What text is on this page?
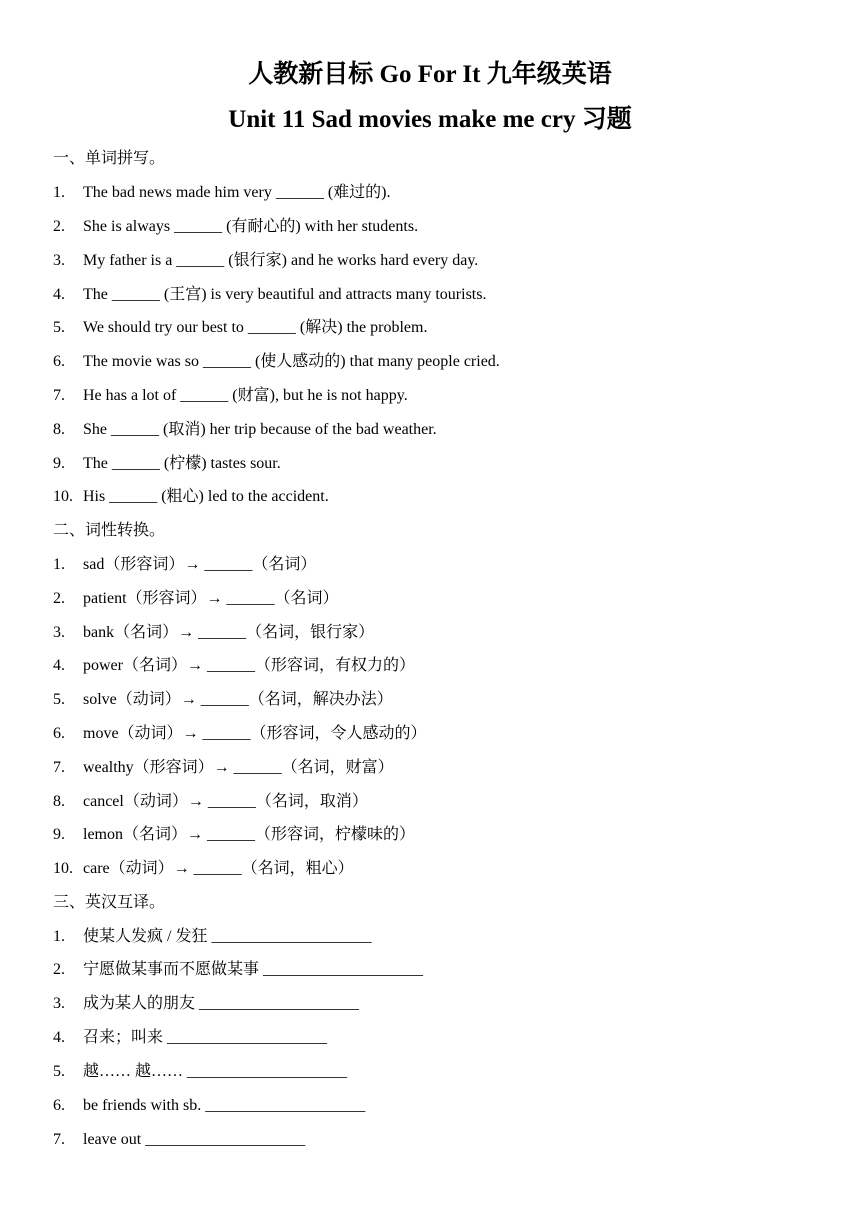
人教新目标 Go For It 九年级英语
Unit 11 Sad movies make me cry 习题
一、单词拼写。
1. The bad news made him very ______ (难过的).
2. She is always ______ (有耐心的) with her students.
3. My father is a ______ (银行家) and he works hard every day.
4. The ______ (王宫) is very beautiful and attracts many tourists.
5. We should try our best to ______ (解决) the problem.
6. The movie was so ______ (使人感动的) that many people cried.
7. He has a lot of ______ (财富), but he is not happy.
8. She ______ (取消) her trip because of the bad weather.
9. The ______ (柠檬) tastes sour.
10. His ______ (粗心) led to the accident.
二、词性转换。
1. sad（形容词）→ ______（名词）
2. patient（形容词）→ ______（名词）
3. bank（名词）→ ______（名词，银行家）
4. power（名词）→ ______（形容词，有权力的）
5. solve（动词）→ ______（名词，解决办法）
6. move（动词）→ ______（形容词，令人感动的）
7. wealthy（形容词）→ ______（名词，财富）
8. cancel（动词）→ ______（名词，取消）
9. lemon（名词）→ ______（形容词，柠檬味的）
10. care（动词）→ ______（名词，粗心）
三、英汉互译。
1. 使某人发疯 / 发狂 ____________________
2. 宁愿做某事而不愿做某事 ____________________
3. 成为某人的朋友 ____________________
4. 召来；叫来 ____________________
5. 越…… 越…… ____________________
6. be friends with sb. ____________________
7. leave out ____________________
